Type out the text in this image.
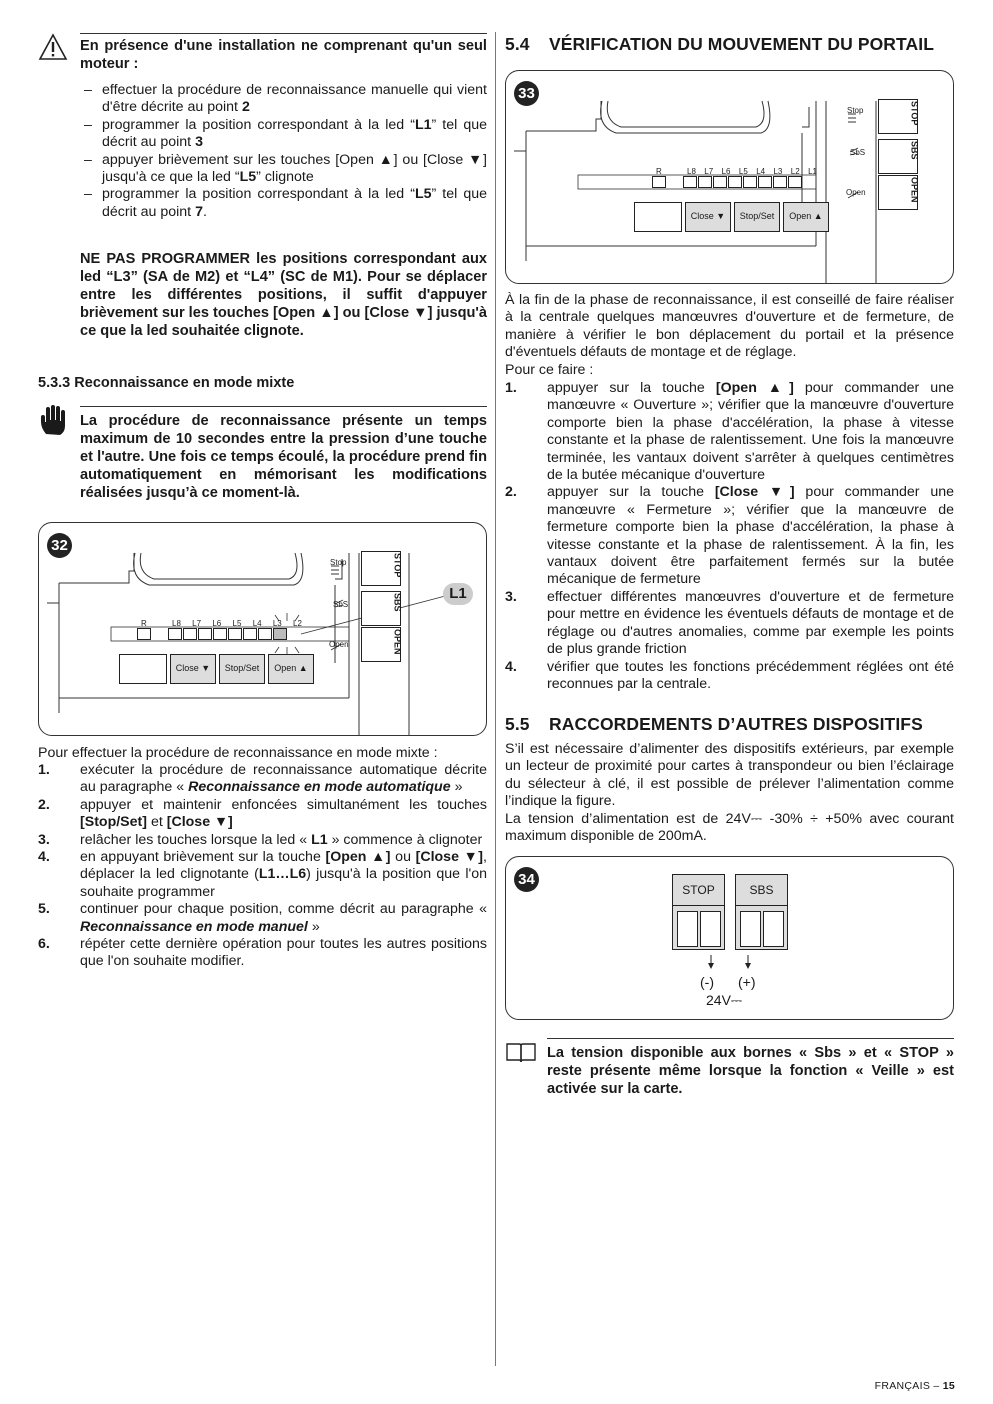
En présence d'une installation ne comprenant qu'un seul moteur :
– effectuer la procédure de reconnaissance manuelle qui vient d'être décrite au point 2
– programmer la position correspondant à la led “L1” tel que décrit au point 3
– appuyer brièvement sur les touches [Open ▲] ou [Close ▼] jusqu'à ce que la led “L5” clignote
– programmer la position correspondant à la led “L5” tel que décrit au point 7.
NE PAS PROGRAMMER les positions correspondant aux led “L3” (SA de M2) et “L4” (SC de M1). Pour se déplacer entre les différentes positions, il suffit d'appuyer brièvement sur les touches [Open ▲] ou [Close ▼] jusqu'à ce que la led souhaitée clignote.
5.3.3 Reconnaissance en mode mixte
La procédure de reconnaissance présente un temps maximum de 10 secondes entre la pression d’une touche et l'autre. Une fois ce temps écoulé, la procédure prend fin automatiquement en mémorisant les modifications réalisées jusqu’à ce moment-là.
32
R	L8 L7 L6 L5 L4 L3 L2
Close ▼	Stop/Set	Open ▲
Stop
SbS
Open
STOP
SBS
OPEN
L1
Pour effectuer la procédure de reconnaissance en mode mixte :
1. exécuter la procédure de reconnaissance automatique décrite au paragraphe « Reconnaissance en mode automatique »
2. appuyer et maintenir enfoncées simultanément les touches [Stop/Set] et [Close ▼]
3. relâcher les touches lorsque la led « L1 » commence à clignoter
4. en appuyant brièvement sur la touche [Open ▲] ou [Close ▼], déplacer la led clignotante (L1…L6) jusqu'à la position que l'on souhaite programmer
5. continuer pour chaque position, comme décrit au paragraphe « Reconnaissance en mode manuel »
6. répéter cette dernière opération pour toutes les autres positions que l'on souhaite modifier.
5.4 VÉRIFICATION DU MOUVEMENT DU PORTAIL
33
R	L8 L7 L6 L5 L4 L3 L2 L1
Close ▼	Stop/Set	Open ▲
Stop
SbS
Open
STOP
SBS
OPEN
À la fin de la phase de reconnaissance, il est conseillé de faire réaliser à la centrale quelques manœuvres d'ouverture et de fermeture, de manière à vérifier le bon déplacement du portail et la présence d'éventuels défauts de montage et de réglage.
Pour ce faire :
1. appuyer sur la touche [Open ▲] pour commander une manœuvre « Ouverture »; vérifier que la manœuvre d'ouverture comporte bien la phase d'accélération, la phase à vitesse constante et la phase de ralentissement. Une fois la manœuvre terminée, les vantaux doivent s'arrêter à quelques centimètres de la butée mécanique d'ouverture
2. appuyer sur la touche [Close ▼] pour commander une manœuvre « Fermeture »; vérifier que la manœuvre de fermeture comporte bien la phase d'accélération, la phase à vitesse constante et la phase de ralentissement. À la fin, les vantaux doivent être parfaitement fermés sur la butée mécanique de fermeture
3. effectuer différentes manœuvres d'ouverture et de fermeture pour mettre en évidence les éventuels défauts de montage et de réglage ou d'autres anomalies, comme par exemple les points de plus grande friction
4. vérifier que toutes les fonctions précédemment réglées ont été reconnues par la centrale.
5.5 RACCORDEMENTS D’AUTRES DISPOSITIFS
S’il est nécessaire d’alimenter des dispositifs extérieurs, par exemple un lecteur de proximité pour cartes à transpondeur ou bien l’éclairage du sélecteur à clé, il est possible de prélever l’alimentation comme l’indique la figure.
La tension d’alimentation est de 24V⎓ -30% ÷ +50% avec courant maximum disponible de 200mA.
34
STOP	SBS
(-) (+)
24V⎓
La tension disponible aux bornes « Sbs » et « STOP » reste présente même lorsque la fonction « Veille » est activée sur la carte.
FRANÇAIS – 15
